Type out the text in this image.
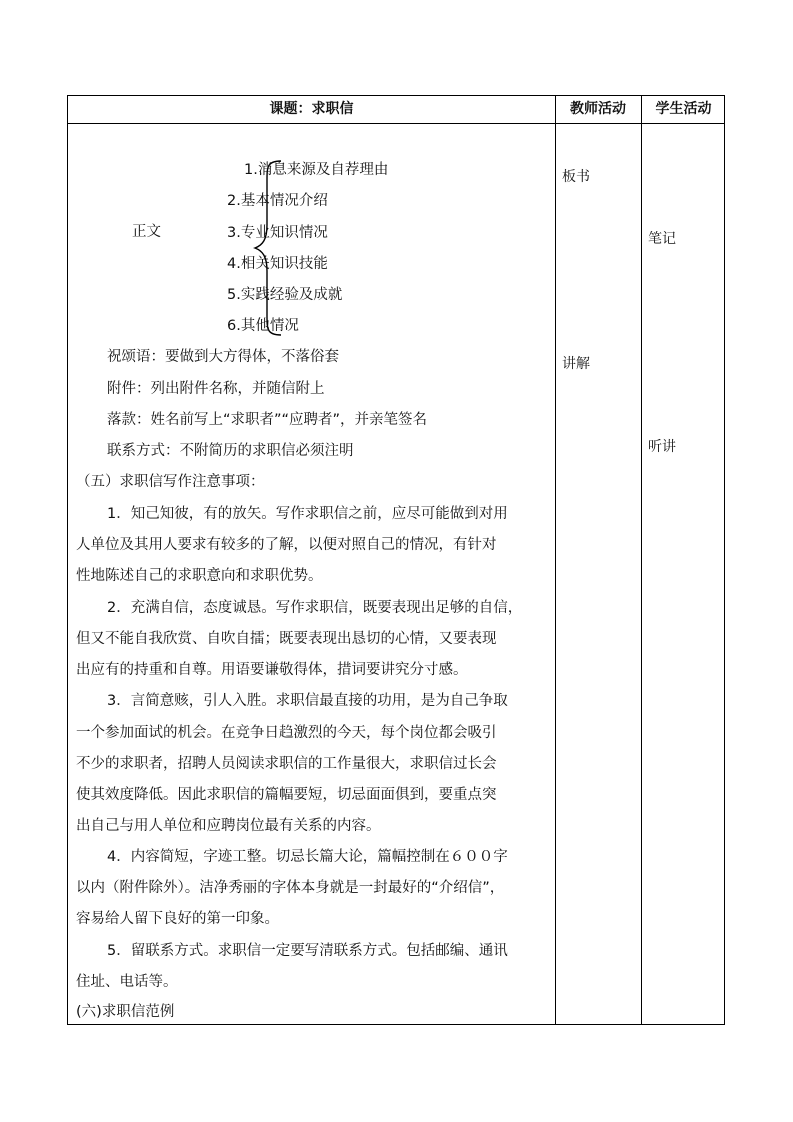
课题：求职信	教师活动	学生活动
正文
1.消息来源及自荐理由
2.基本情况介绍
3.专业知识情况
4.相关知识技能
5.实践经验及成就
6.其他情况
祝颂语：要做到大方得体，不落俗套
附件：列出附件名称，并随信附上
落款：姓名前写上“求职者”“应聘者”，并亲笔签名
联系方式：不附简历的求职信必须注明
（五）求职信写作注意事项：
1．知己知彼，有的放矢。写作求职信之前，应尽可能做到对用
人单位及其用人要求有较多的了解，以便对照自己的情况，有针对
性地陈述自己的求职意向和求职优势。
2．充满自信，态度诚恳。写作求职信，既要表现出足够的自信，
但又不能自我欣赏、自吹自擂；既要表现出恳切的心情，又要表现
出应有的持重和自尊。用语要谦敬得体，措词要讲究分寸感。
3．言简意赅，引人入胜。求职信最直接的功用，是为自己争取
一个参加面试的机会。在竞争日趋激烈的今天，每个岗位都会吸引
不少的求职者，招聘人员阅读求职信的工作量很大，求职信过长会
使其效度降低。因此求职信的篇幅要短，切忌面面俱到，要重点突
出自己与用人单位和应聘岗位最有关系的内容。
4．内容简短，字迹工整。切忌长篇大论，篇幅控制在６００字
以内（附件除外）。洁净秀丽的字体本身就是一封最好的“介绍信”，
容易给人留下良好的第一印象。
5．留联系方式。求职信一定要写清联系方式。包括邮编、通讯
住址、电话等。
(六)求职信范例
板书
讲解
笔记
听讲
